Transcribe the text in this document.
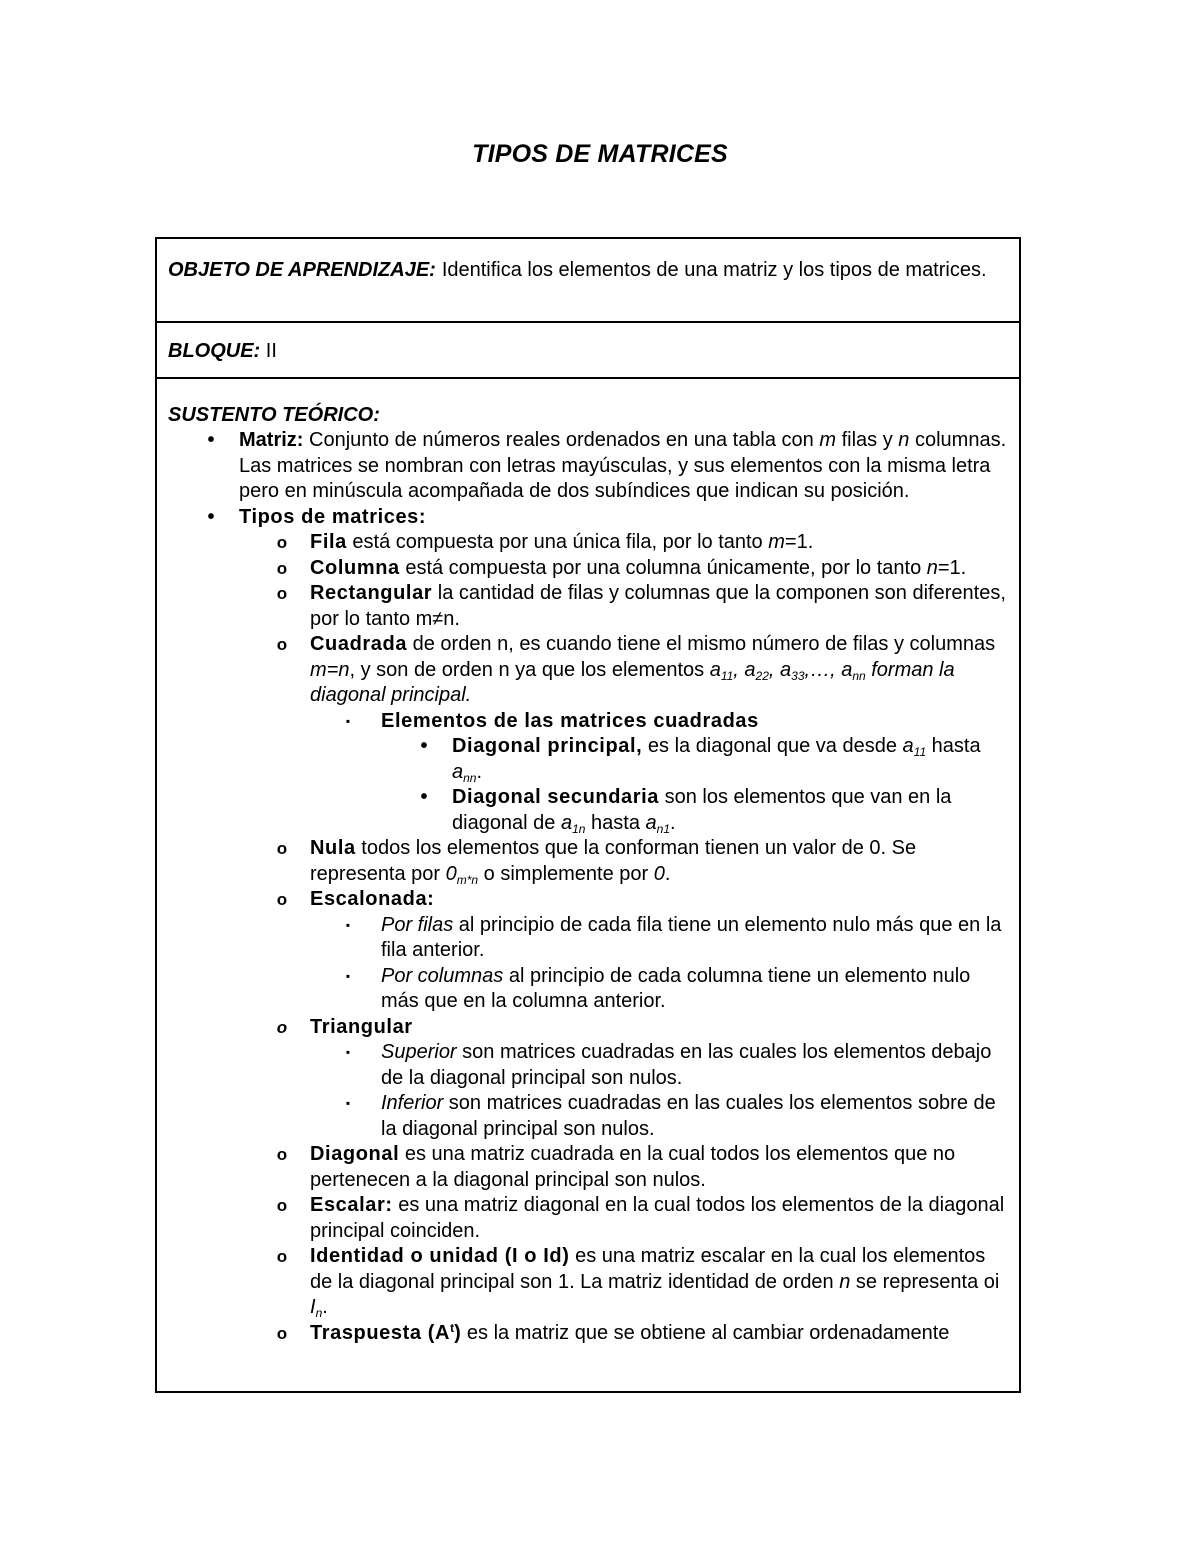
TIPOS DE MATRICES
OBJETO DE APRENDIZAJE: Identifica los elementos de una matriz y los tipos de matrices.
BLOQUE: II
SUSTENTO TEÓRICO:
•	Matriz: Conjunto de números reales ordenados en una tabla con m filas y n columnas. Las matrices se nombran con letras mayúsculas, y sus elementos con la misma letra pero en minúscula acompañada de dos subíndices que indican su posición.
•	Tipos de matrices:
o Fila está compuesta por una única fila, por lo tanto m=1.
o Columna está compuesta por una columna únicamente, por lo tanto n=1.
o Rectangular la cantidad de filas y columnas que la componen son diferentes, por lo tanto m≠n.
o Cuadrada de orden n, es cuando tiene el mismo número de filas y columnas m=n, y son de orden n ya que los elementos $a_{11}$, $a_{22}$, $a_{33},\dots$, $a_{nn}$ forman la diagonal principal.
▪	Elementos de las matrices cuadradas
•	Diagonal principal, es la diagonal que va desde $a_{11}$ hasta $a_{nn}$.
•	Diagonal secundaria son los elementos que van en la diagonal de $a_{1n}$ hasta $a_{n1}$.
o Nula todos los elementos que la conforman tienen un valor de 0. Se representa por $0_{m*n}$ o simplemente por 0.
o Escalonada:
▪	Por filas al principio de cada fila tiene un elemento nulo más que en la fila anterior.
▪	Por columnas al principio de cada columna tiene un elemento nulo más que en la columna anterior.
o Triangular
▪	Superior son matrices cuadradas en las cuales los elementos debajo de la diagonal principal son nulos.
▪	Inferior son matrices cuadradas en las cuales los elementos sobre de la diagonal principal son nulos.
o Diagonal es una matriz cuadrada en la cual todos los elementos que no pertenecen a la diagonal principal son nulos.
o Escalar: es una matriz diagonal en la cual todos los elementos de la diagonal principal coinciden.
o Identidad o unidad (I o Id) es una matriz escalar en la cual los elementos de la diagonal principal son 1. La matriz identidad de orden n se representa oi $I_n$.
o Traspuesta $(A^t)$ es la matriz que se obtiene al cambiar ordenadamente
